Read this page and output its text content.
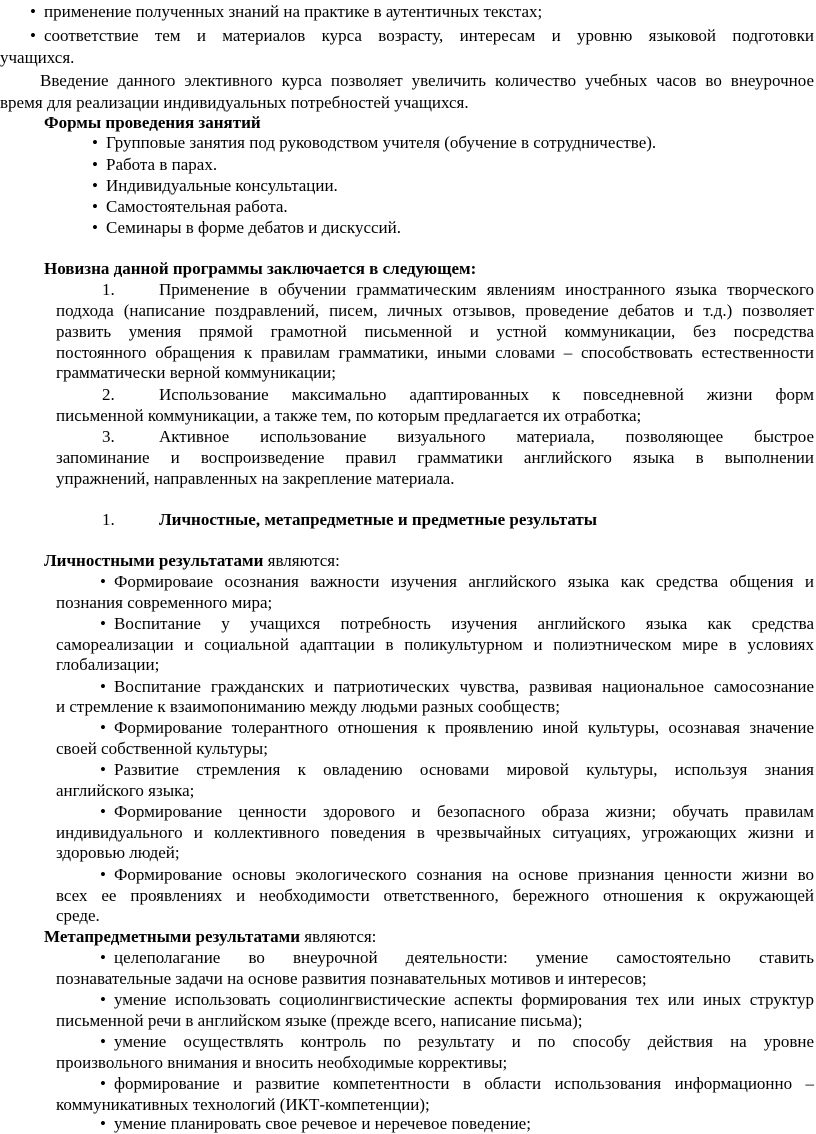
• применение полученных знаний на практике в аутентичных текстах;
• соответствие тем и материалов курса возрасту, интересам и уровню языковой подготовки
учащихся.
Введение данного элективного курса позволяет увеличить количество учебных часов во внеурочное
время для реализации индивидуальных потребностей учащихся.
Формы проведения занятий
• Групповые занятия под руководством учителя (обучение в сотрудничестве).
• Работа в парах.
• Индивидуальные консультации.
• Самостоятельная работа.
• Семинары в форме дебатов и дискуссий.
Новизна данной программы заключается в следующем:
1.	Применение в обучении грамматическим явлениям иностранного языка творческого
подхода (написание поздравлений, писем, личных отзывов, проведение дебатов и т.д.) позволяет
развить умения прямой грамотной письменной и устной коммуникации, без посредства
постоянного обращения к правилам грамматики, иными словами – способствовать естественности
грамматически верной коммуникации;
2.	Использование максимально адаптированных к повседневной жизни форм
письменной коммуникации, а также тем, по которым предлагается их отработка;
3.	Активное использование визуального материала, позволяющее быстрое
запоминание и воспроизведение правил грамматики английского языка в выполнении
упражнений, направленных на закрепление материала.
1.	Личностные, метапредметные и предметные результаты
Личностными результатами являются:
• Формироваие осознания важности изучения английского языка как средства общения и
познания современного мира;
• Воспитание у учащихся потребность изучения английского языка как средства
самореализации и социальной адаптации в поликультурном и полиэтническом мире в условиях
глобализации;
• Воспитание гражданских и патриотических чувства, развивая национальное самосознание
и стремление к взаимопониманию между людьми разных сообществ;
• Формирование толерантного отношения к проявлению иной культуры, осознавая значение
своей собственной культуры;
• Развитие стремления к овладению основами мировой культуры, используя знания
английского языка;
• Формирование ценности здорового и безопасного образа жизни; обучать правилам
индивидуального и коллективного поведения в чрезвычайных ситуациях, угрожающих жизни и
здоровью людей;
• Формирование основы экологического сознания на основе признания ценности жизни во
всех ее проявлениях и необходимости ответственного, бережного отношения к окружающей
среде.
Метапредметными результатами являются:
• целеполагание во внеурочной деятельности: умение самостоятельно ставить
познавательные задачи на основе развития познавательных мотивов и интересов;
• умение использовать социолингвистические аспекты формирования тех или иных структур
письменной речи в английском языке (прежде всего, написание письма);
• умение осуществлять контроль по результату и по способу действия на уровне
произвольного внимания и вносить необходимые коррективы;
• формирование и развитие компетентности в области использования информационно –
коммуникативных технологий (ИКТ-компетенции);
• умение планировать свое речевое и неречевое поведение;
